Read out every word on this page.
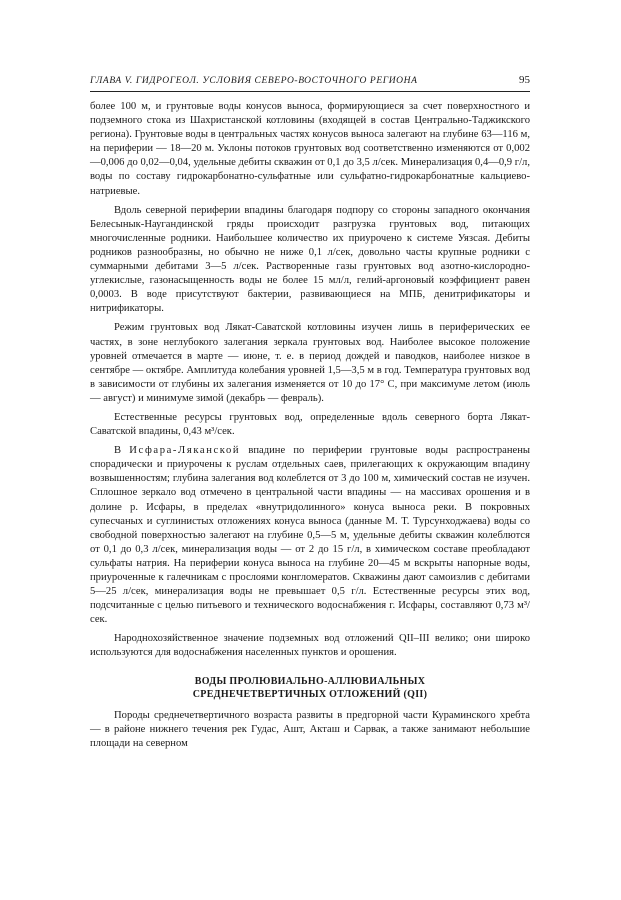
ГЛАВА V. ГИДРОГЕОЛ. УСЛОВИЯ СЕВЕРО-ВОСТОЧНОГО РЕГИОНА	95

более 100 м, и грунтовые воды конусов выноса, формирующиеся за счет поверхностного и подземного стока из Шахристанской котловины (входящей в состав Центрально-Таджикского региона). Грунтовые воды в центральных частях конусов выноса залегают на глубине 63—116 м, на периферии — 18—20 м. Уклоны потоков грунтовых вод соответственно изменяются от 0,002—0,006 до 0,02—0,04, удельные дебиты скважин от 0,1 до 3,5 л/сек. Минерализация 0,4—0,9 г/л, воды по составу гидрокарбонатно-сульфатные или сульфатно-гидрокарбонатные кальциево-натриевые.

Вдоль северной периферии впадины благодаря подпору со стороны западного окончания Белесынык-Наугандинской гряды происходит разгрузка грунтовых вод, питающих многочисленные родники. Наибольшее количество их приурочено к системе Уязсая. Дебиты родников разнообразны, но обычно не ниже 0,1 л/сек, довольно часты крупные родники с суммарными дебитами 3—5 л/сек. Растворенные газы грунтовых вод азотно-кислородно-углекислые, газонасыщенность воды не более 15 мл/л, гелий-аргоновый коэффициент равен 0,0003. В воде присутствуют бактерии, развивающиеся на МПБ, денитрификаторы и нитрификаторы.

Режим грунтовых вод Лякат-Саватской котловины изучен лишь в периферических ее частях, в зоне неглубокого залегания зеркала грунтовых вод. Наиболее высокое положение уровней отмечается в марте — июне, т. е. в период дождей и паводков, наиболее низкое в сентябре — октябре. Амплитуда колебания уровней 1,5—3,5 м в год. Температура грунтовых вод в зависимости от глубины их залегания изменяется от 10 до 17° С, при максимуме летом (июль — август) и минимуме зимой (декабрь — февраль).

Естественные ресурсы грунтовых вод, определенные вдоль северного борта Лякат-Саватской впадины, 0,43 м³/сек.

В Исфара-Ляканской впадине по периферии грунтовые воды распространены спорадически и приурочены к руслам отдельных саев, прилегающих к окружающим впадину возвышенностям; глубина залегания вод колеблется от 3 до 100 м, химический состав не изучен. Сплошное зеркало вод отмечено в центральной части впадины — на массивах орошения и в долине р. Исфары, в пределах «внутридолинного» конуса выноса реки. В покровных супесчаных и суглинистых отложениях конуса выноса (данные М. Т. Турсунходжаева) воды со свободной поверхностью залегают на глубине 0,5—5 м, удельные дебиты скважин колеблются от 0,1 до 0,3 л/сек, минерализация воды — от 2 до 15 г/л, в химическом составе преобладают сульфаты натрия. На периферии конуса выноса на глубине 20—45 м вскрыты напорные воды, приуроченные к галечникам с прослоями конгломератов. Скважины дают самоизлив с дебитами 5—25 л/сек, минерализация воды не превышает 0,5 г/л. Естественные ресурсы этих вод, подсчитанные с целью питьевого и технического водоснабжения г. Исфары, составляют 0,73 м³/сек.

Народнохозяйственное значение подземных вод отложений QII–III велико; они широко используются для водоснабжения населенных пунктов и орошения.

ВОДЫ ПРОЛЮВИАЛЬНО-АЛЛЮВИАЛЬНЫХ
СРЕДНЕЧЕТВЕРТИЧНЫХ ОТЛОЖЕНИЙ (QII)

Породы среднечетвертичного возраста развиты в предгорной части Кураминского хребта — в районе нижнего течения рек Гудас, Ашт, Акташ и Сарвак, а также занимают небольшие площади на северном
